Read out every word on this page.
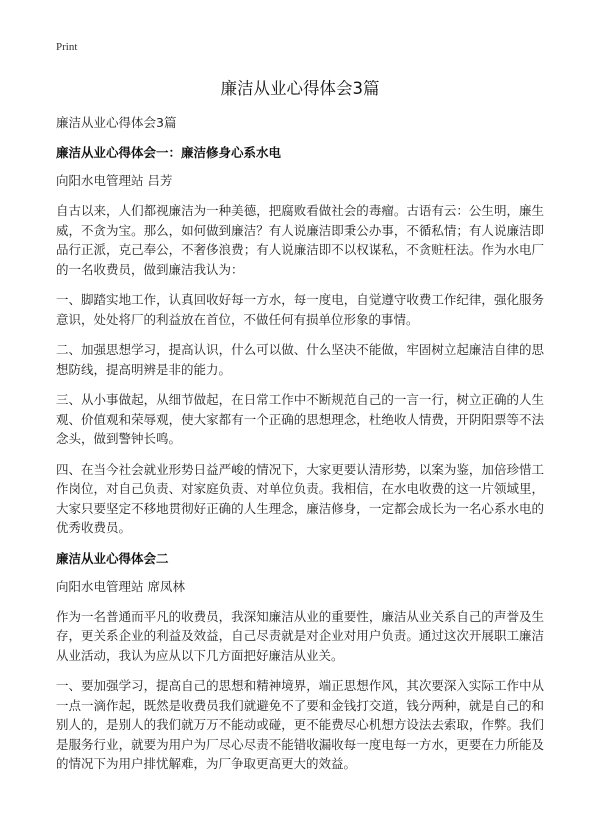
Print

廉洁从业心得体会3篇

廉洁从业心得体会3篇

廉洁从业心得体会一：廉洁修身心系水电

向阳水电管理站 吕芳

自古以来，人们都视廉洁为一种美德，把腐败看做社会的毒瘤。古语有云：公生明，廉生威，不贪为宝。那么，如何做到廉洁？有人说廉洁即秉公办事，不循私情；有人说廉洁即品行正派，克己奉公，不奢侈浪费；有人说廉洁即不以权谋私，不贪赃枉法。作为水电厂的一名收费员，做到廉洁我认为：

一、脚踏实地工作，认真回收好每一方水，每一度电，自觉遵守收费工作纪律，强化服务意识，处处将厂的利益放在首位，不做任何有损单位形象的事情。

二、加强思想学习，提高认识，什么可以做、什么坚决不能做，牢固树立起廉洁自律的思想防线，提高明辨是非的能力。

三、从小事做起，从细节做起，在日常工作中不断规范自己的一言一行，树立正确的人生观、价值观和荣辱观，使大家都有一个正确的思想理念，杜绝收人情费，开阴阳票等不法念头，做到警钟长鸣。

四、在当今社会就业形势日益严峻的情况下，大家更要认清形势，以案为鉴，加倍珍惜工作岗位，对自己负责、对家庭负责、对单位负责。我相信，在水电收费的这一片领域里，大家只要坚定不移地贯彻好正确的人生理念，廉洁修身，一定都会成长为一名心系水电的优秀收费员。

廉洁从业心得体会二

向阳水电管理站 席凤林

作为一名普通而平凡的收费员，我深知廉洁从业的重要性，廉洁从业关系自己的声誉及生存，更关系企业的利益及效益，自己尽责就是对企业对用户负责。通过这次开展职工廉洁从业活动，我认为应从以下几方面把好廉洁从业关。

一、要加强学习，提高自己的思想和精神境界，端正思想作风，其次要深入实际工作中从一点一滴作起，既然是收费员我们就避免不了要和金钱打交道，钱分两种，就是自己的和别人的，是别人的我们就万万不能动或碰，更不能费尽心机想方设法去索取，作弊。我们是服务行业，就要为用户为厂尽心尽责不能错收漏收每一度电每一方水，更要在力所能及的情况下为用户排忧解难，为厂争取更高更大的效益。
